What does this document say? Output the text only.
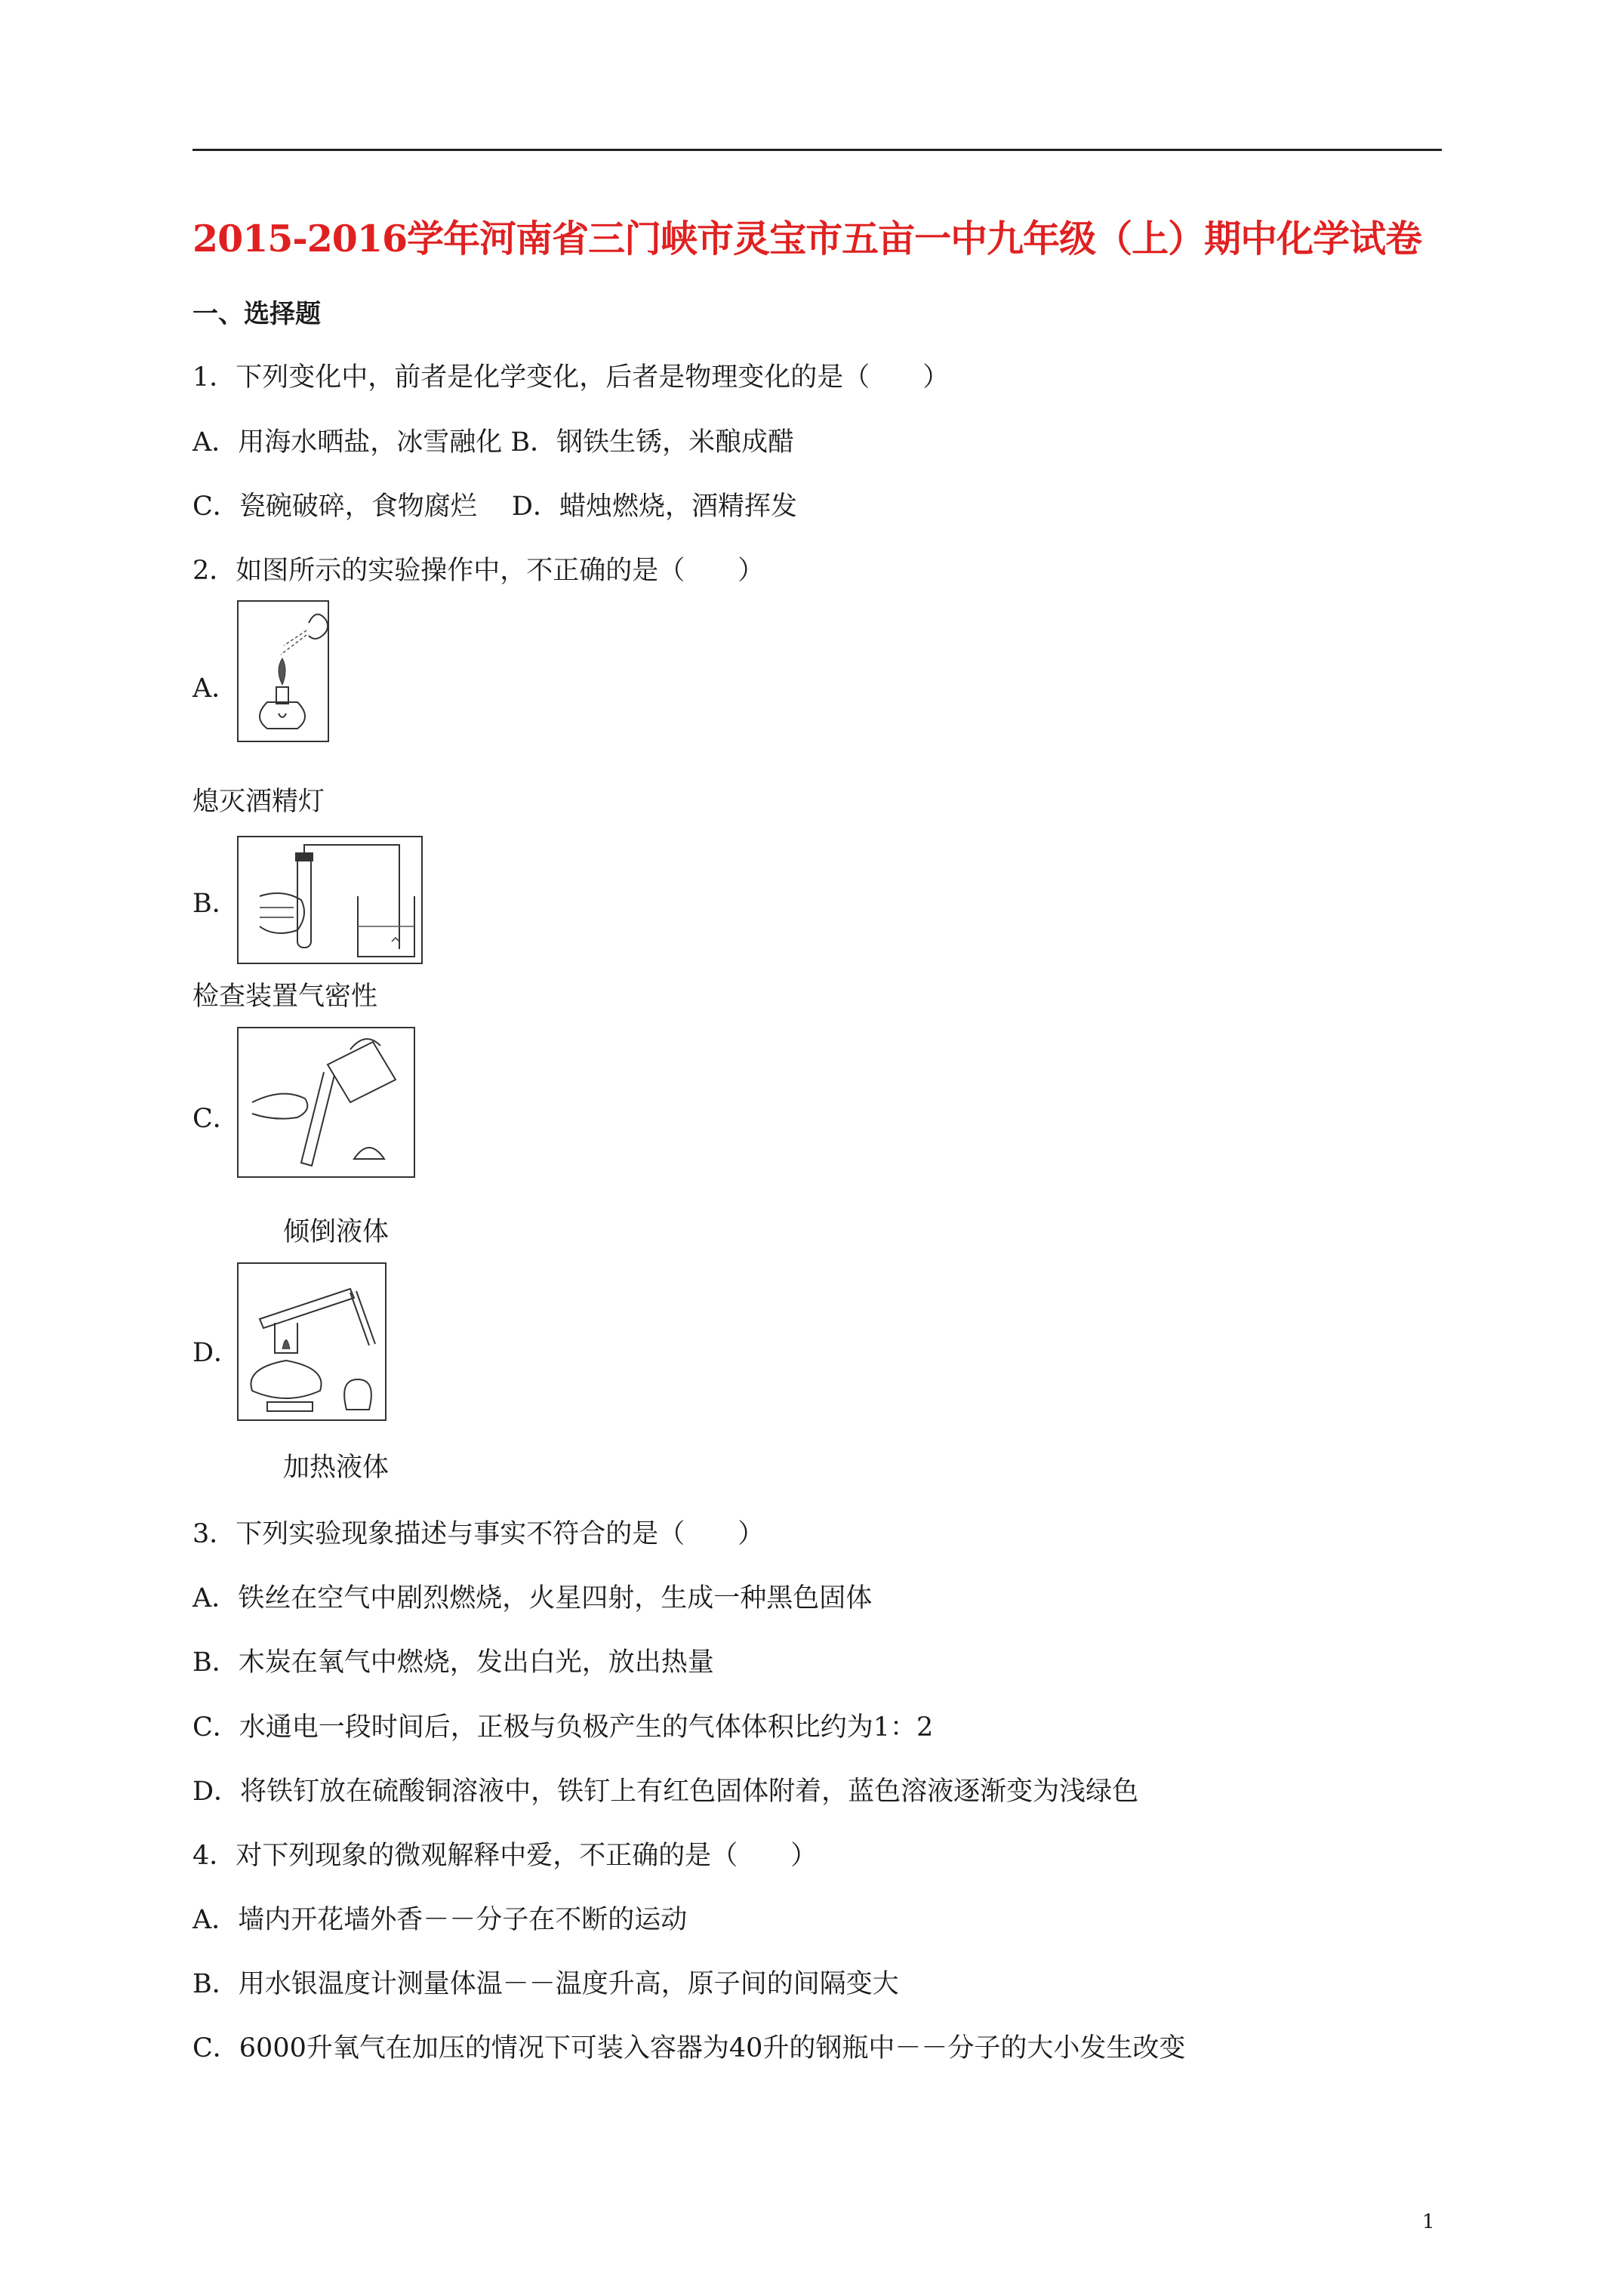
2015-2016学年河南省三门峡市灵宝市五亩一中九年级（上）期中化学试卷
一、选择题
1．下列变化中，前者是化学变化，后者是物理变化的是（　　）
A．用海水晒盐，冰雪融化 B．钢铁生锈，米酿成醋
C．瓷碗破碎，食物腐烂　 D．蜡烛燃烧，酒精挥发
2．如图所示的实验操作中，不正确的是（　　）
A．
熄灭酒精灯
B．
检查装置气密性
C．
倾倒液体
D．
加热液体
3．下列实验现象描述与事实不符合的是（　　）
A．铁丝在空气中剧烈燃烧，火星四射，生成一种黑色固体
B．木炭在氧气中燃烧，发出白光，放出热量
C．水通电一段时间后，正极与负极产生的气体体积比约为1：2
D．将铁钉放在硫酸铜溶液中，铁钉上有红色固体附着，蓝色溶液逐渐变为浅绿色
4．对下列现象的微观解释中爱，不正确的是（　　）
A．墙内开花墙外香－－分子在不断的运动
B．用水银温度计测量体温－－温度升高，原子间的间隔变大
C．6000升氧气在加压的情况下可装入容器为40升的钢瓶中－－分子的大小发生改变
1
